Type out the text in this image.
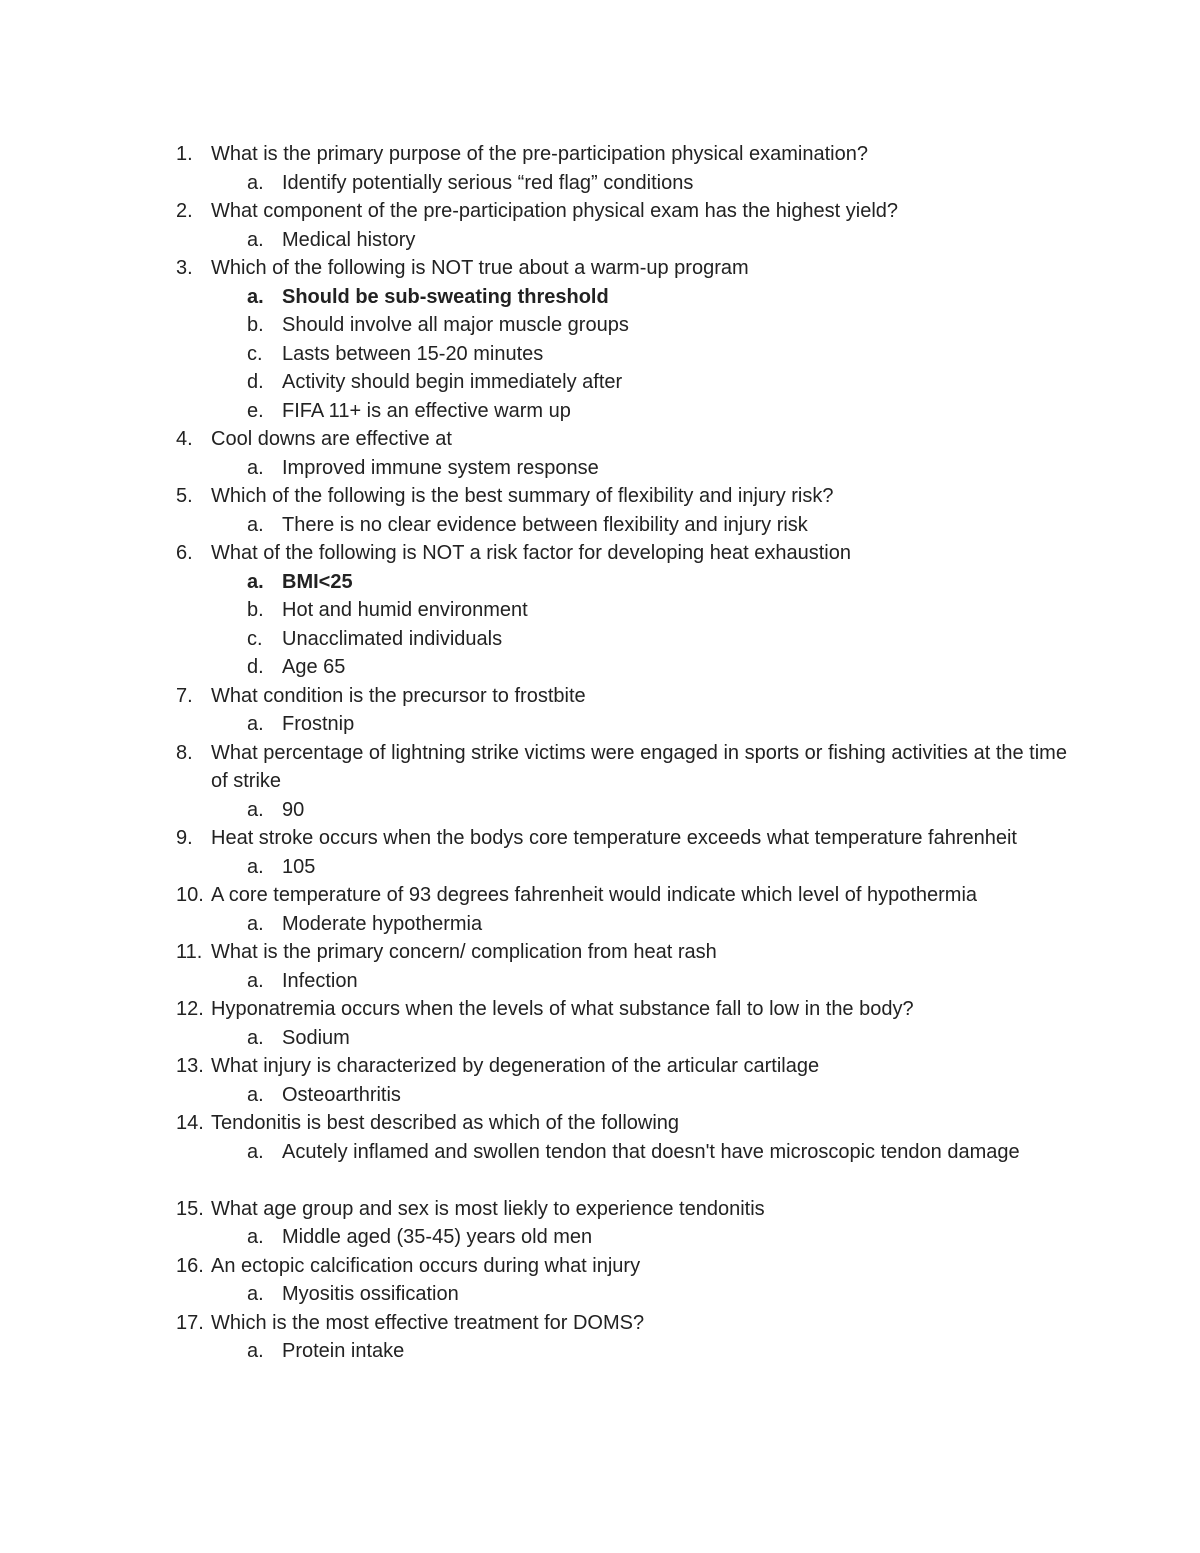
1. What is the primary purpose of the pre-participation physical examination?
a. Identify potentially serious “red flag” conditions
2. What component of the pre-participation physical exam has the highest yield?
a. Medical history
3. Which of the following is NOT true about a warm-up program
a. Should be sub-sweating threshold
b. Should involve all major muscle groups
c. Lasts between 15-20 minutes
d. Activity should begin immediately after
e. FIFA 11+ is an effective warm up
4. Cool downs are effective at
a. Improved immune system response
5. Which of the following is the best summary of flexibility and injury risk?
a. There is no clear evidence between flexibility and injury risk
6. What of the following is NOT a risk factor for developing heat exhaustion
a. BMI<25
b. Hot and humid environment
c. Unacclimated individuals
d. Age 65
7. What condition is the precursor to frostbite
a. Frostnip
8. What percentage of lightning strike victims were engaged in sports or fishing activities at the time of strike
a. 90
9. Heat stroke occurs when the bodys core temperature exceeds what temperature fahrenheit
a. 105
10. A core temperature of 93 degrees fahrenheit would indicate which level of hypothermia
a. Moderate hypothermia
11. What is the primary concern/ complication from heat rash
a. Infection
12. Hyponatremia occurs when the levels of what substance fall to low in the body?
a. Sodium
13. What injury is characterized by degeneration of the articular cartilage
a. Osteoarthritis
14. Tendonitis is best described as which of the following
a. Acutely inflamed and swollen tendon that doesn't have microscopic tendon damage
15. What age group and sex is most liekly to experience tendonitis
a. Middle aged (35-45) years old men
16. An ectopic calcification occurs during what injury
a. Myositis ossification
17. Which is the most effective treatment for DOMS?
a. Protein intake
